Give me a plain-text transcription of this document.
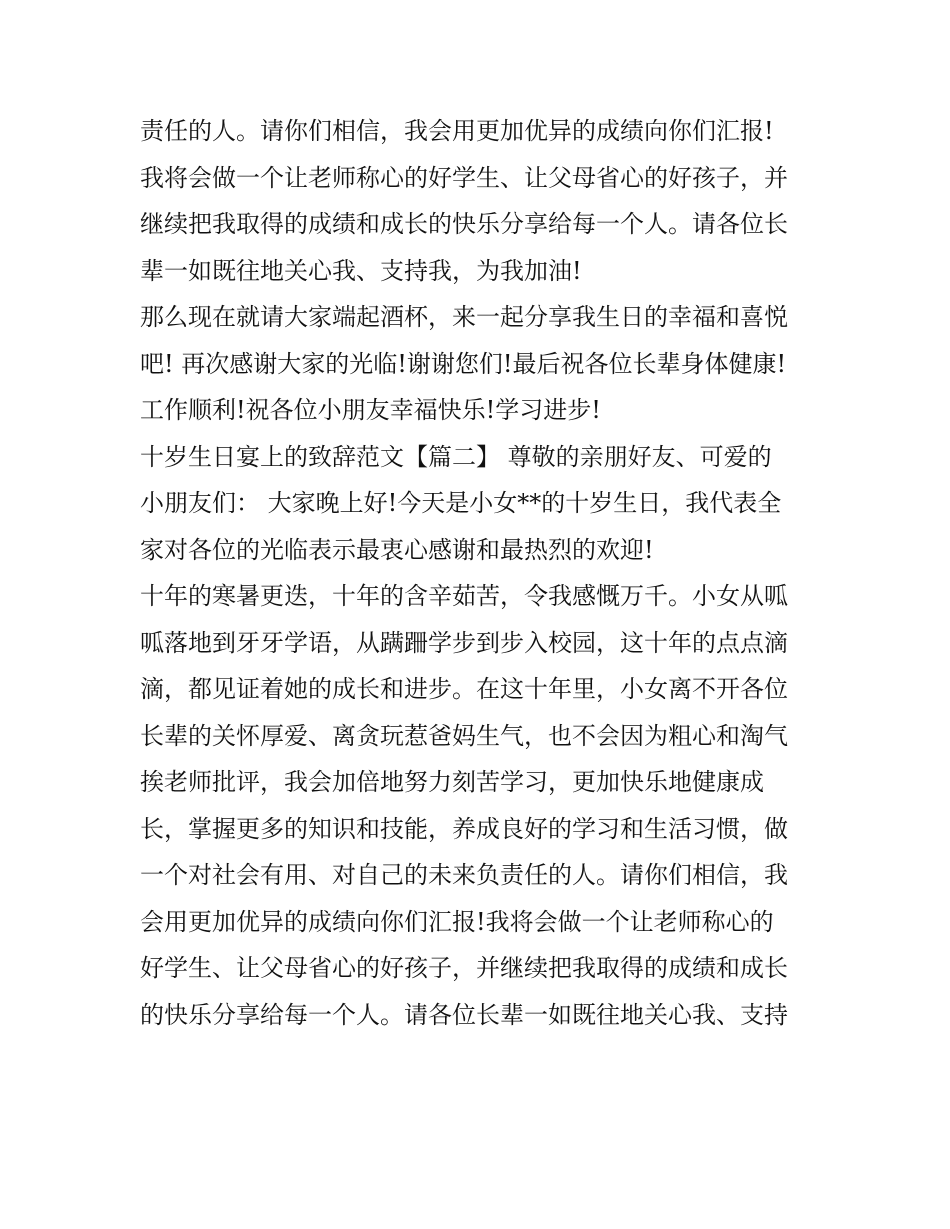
责任的人。请你们相信，我会用更加优异的成绩向你们汇报!
我将会做一个让老师称心的好学生、让父母省心的好孩子，并
继续把我取得的成绩和成长的快乐分享给每一个人。请各位长
辈一如既往地关心我、支持我，为我加油!
那么现在就请大家端起酒杯，来一起分享我生日的幸福和喜悦
吧! 再次感谢大家的光临!谢谢您们!最后祝各位长辈身体健康!
工作顺利!祝各位小朋友幸福快乐!学习进步!
十岁生日宴上的致辞范文【篇二】 尊敬的亲朋好友、可爱的
小朋友们： 大家晚上好!今天是小女**的十岁生日，我代表全
家对各位的光临表示最衷心感谢和最热烈的欢迎!
十年的寒暑更迭，十年的含辛茹苦，令我感慨万千。小女从呱
呱落地到牙牙学语，从蹒跚学步到步入校园，这十年的点点滴
滴，都见证着她的成长和进步。在这十年里，小女离不开各位
长辈的关怀厚爱、离贪玩惹爸妈生气，也不会因为粗心和淘气
挨老师批评，我会加倍地努力刻苦学习，更加快乐地健康成
长，掌握更多的知识和技能，养成良好的学习和生活习惯，做
一个对社会有用、对自己的未来负责任的人。请你们相信，我
会用更加优异的成绩向你们汇报!我将会做一个让老师称心的
好学生、让父母省心的好孩子，并继续把我取得的成绩和成长
的快乐分享给每一个人。请各位长辈一如既往地关心我、支持
